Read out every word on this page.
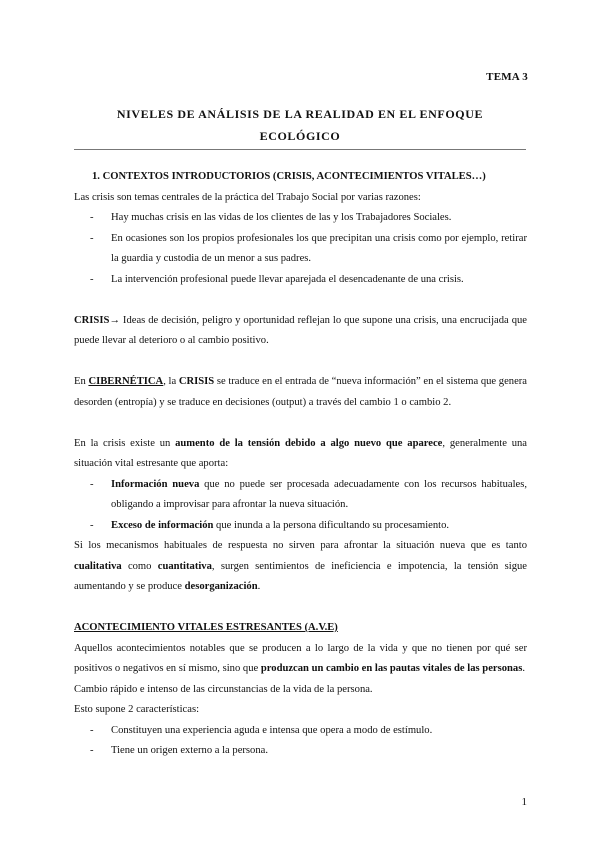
TEMA 3
NIVELES DE ANÁLISIS DE LA REALIDAD EN EL ENFOQUE
ECOLÓGICO

1. CONTEXTOS INTRODUCTORIOS (CRISIS, ACONTECIMIENTOS VITALES…)

Las crisis son temas centrales de la práctica del Trabajo Social por varias razones:

- Hay muchas crisis en las vidas de los clientes de las y los Trabajadores Sociales.
- En ocasiones son los propios profesionales los que precipitan una crisis como por ejemplo, retirar la guardia y custodia de un menor a sus padres.
- La intervención profesional puede llevar aparejada el desencadenante de una crisis.

CRISIS→ Ideas de decisión, peligro y oportunidad reflejan lo que supone una crisis, una encrucijada que puede llevar al deterioro o al cambio positivo.

En CIBERNÉTICA, la CRISIS se traduce en el entrada de “nueva información” en el sistema que genera desorden (entropía) y se traduce en decisiones (output) a través del cambio 1 o cambio 2.

En la crisis existe un aumento de la tensión debido a algo nuevo que aparece, generalmente una situación vital estresante que aporta:

- Información nueva que no puede ser procesada adecuadamente con los recursos habituales, obligando a improvisar para afrontar la nueva situación.
- Exceso de información que inunda a la persona dificultando su procesamiento.

Si los mecanismos habituales de respuesta no sirven para afrontar la situación nueva que es tanto cualitativa como cuantitativa, surgen sentimientos de ineficiencia e impotencia, la tensión sigue aumentando y se produce desorganización.

ACONTECIMIENTO VITALES ESTRESANTES (A.V.E)

Aquellos acontecimientos notables que se producen a lo largo de la vida y que no tienen por qué ser positivos o negativos en sí mismo, sino que produzcan un cambio en las pautas vitales de las personas.

Cambio rápido e intenso de las circunstancias de la vida de la persona.

Esto supone 2 características:

- Constituyen una experiencia aguda e intensa que opera a modo de estímulo.
- Tiene un origen externo a la persona.
1
